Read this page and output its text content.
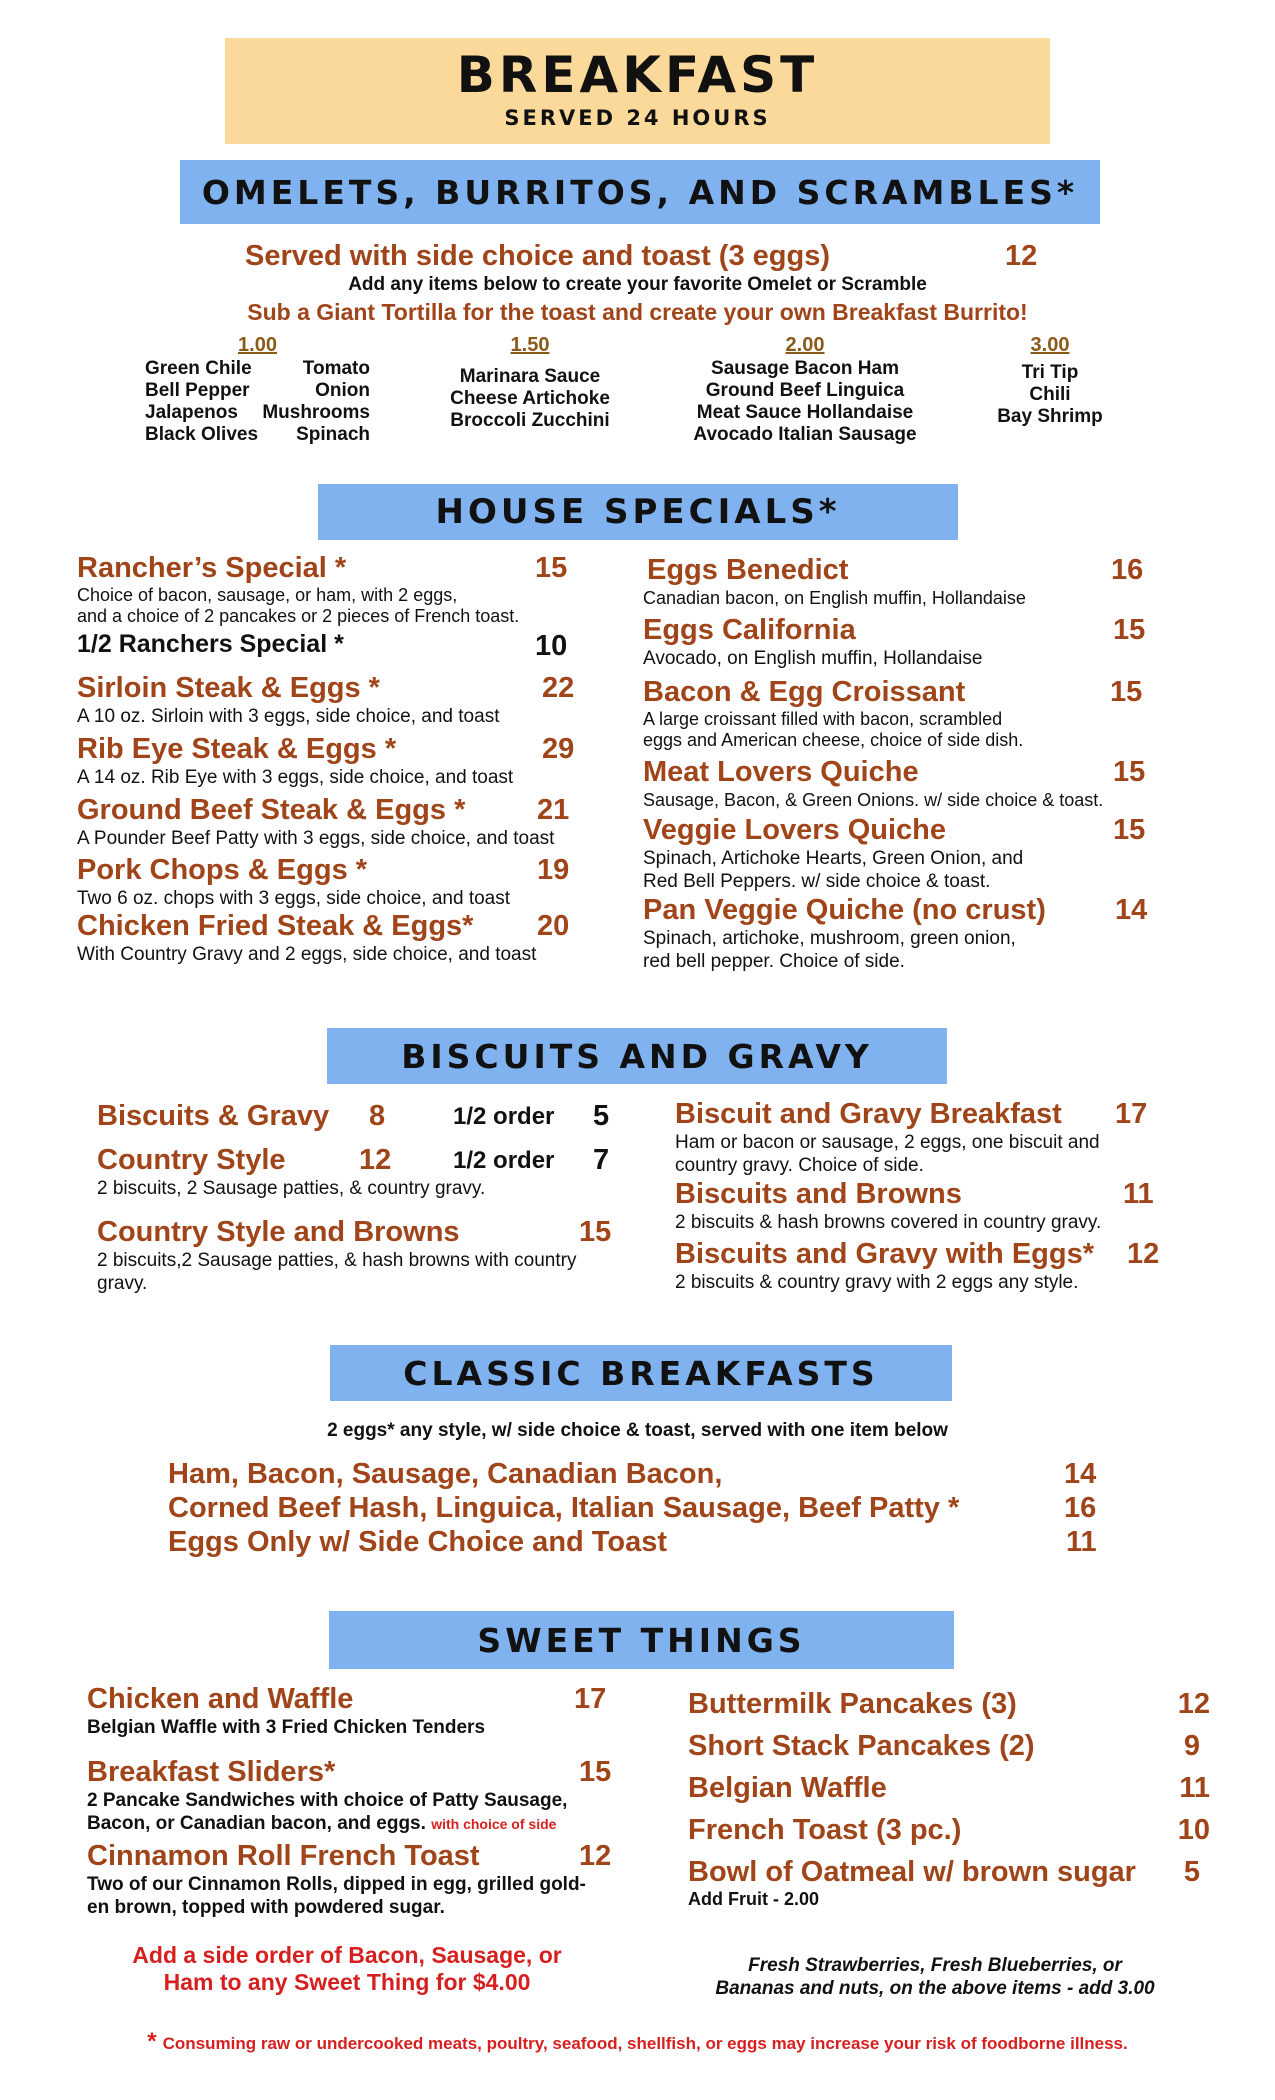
BREAKFAST
SERVED 24 HOURS
OMELETS, BURRITOS, AND SCRAMBLES*
Served with side choice and toast (3 eggs)	12
Add any items below to create your favorite Omelet or Scramble
Sub a Giant Tortilla for the toast and create your own Breakfast Burrito!
1.00
Green Chile	Tomato
Bell Pepper	Onion
Jalapenos Mushrooms
Black Olives Spinach
1.50
Marinara Sauce
Cheese Artichoke
Broccoli Zucchini
2.00
Sausage Bacon Ham
Ground Beef Linguica
Meat Sauce Hollandaise
Avocado Italian Sausage
3.00
Tri Tip
Chili
Bay Shrimp
HOUSE SPECIALS*
Rancher’s Special *	15
Choice of bacon, sausage, or ham, with 2 eggs,
and a choice of 2 pancakes or 2 pieces of French toast.
1/2 Ranchers Special *	10
Sirloin Steak & Eggs *	22
A 10 oz. Sirloin with 3 eggs, side choice, and toast
Rib Eye Steak & Eggs *	29
A 14 oz. Rib Eye with 3 eggs, side choice, and toast
Ground Beef Steak & Eggs *	21
A Pounder Beef Patty with 3 eggs, side choice, and toast
Pork Chops & Eggs *	19
Two 6 oz. chops with 3 eggs, side choice, and toast
Chicken Fried Steak & Eggs*	20
With Country Gravy and 2 eggs, side choice, and toast
Eggs Benedict	16
Canadian bacon, on English muffin, Hollandaise
Eggs California	15
Avocado, on English muffin, Hollandaise
Bacon & Egg Croissant	15
A large croissant filled with bacon, scrambled
eggs and American cheese, choice of side dish.
Meat Lovers Quiche	15
Sausage, Bacon, & Green Onions. w/ side choice & toast.
Veggie Lovers Quiche	15
Spinach, Artichoke Hearts, Green Onion, and
Red Bell Peppers. w/ side choice & toast.
Pan Veggie Quiche (no crust)	14
Spinach, artichoke, mushroom, green onion,
red bell pepper. Choice of side.
BISCUITS AND GRAVY
Biscuits & Gravy	8	1/2 order 5
Country Style	12	1/2 order 7
2 biscuits, 2 Sausage patties, & country gravy.
Country Style and Browns	15
2 biscuits,2 Sausage patties, & hash browns with country
gravy.
Biscuit and Gravy Breakfast	17
Ham or bacon or sausage, 2 eggs, one biscuit and
country gravy. Choice of side.
Biscuits and Browns	11
2 biscuits & hash browns covered in country gravy.
Biscuits and Gravy with Eggs*	12
2 biscuits & country gravy with 2 eggs any style.
CLASSIC BREAKFASTS
2 eggs* any style, w/ side choice & toast, served with one item below
Ham, Bacon, Sausage, Canadian Bacon,	14
Corned Beef Hash, Linguica, Italian Sausage, Beef Patty *	16
Eggs Only w/ Side Choice and Toast	11
SWEET THINGS
Chicken and Waffle	17
Belgian Waffle with 3 Fried Chicken Tenders
Breakfast Sliders*	15
2 Pancake Sandwiches with choice of Patty Sausage,
Bacon, or Canadian bacon, and eggs. with choice of side
Cinnamon Roll French Toast	12
Two of our Cinnamon Rolls, dipped in egg, grilled gold-
en brown, topped with powdered sugar.
Buttermilk Pancakes (3)	12
Short Stack Pancakes (2)	9
Belgian Waffle	11
French Toast (3 pc.)	10
Bowl of Oatmeal w/ brown sugar 5
Add Fruit - 2.00
Add a side order of Bacon, Sausage, or
Ham to any Sweet Thing for $4.00
Fresh Strawberries, Fresh Blueberries, or
Bananas and nuts, on the above items - add 3.00
* Consuming raw or undercooked meats, poultry, seafood, shellfish, or eggs may increase your risk of foodborne illness.
